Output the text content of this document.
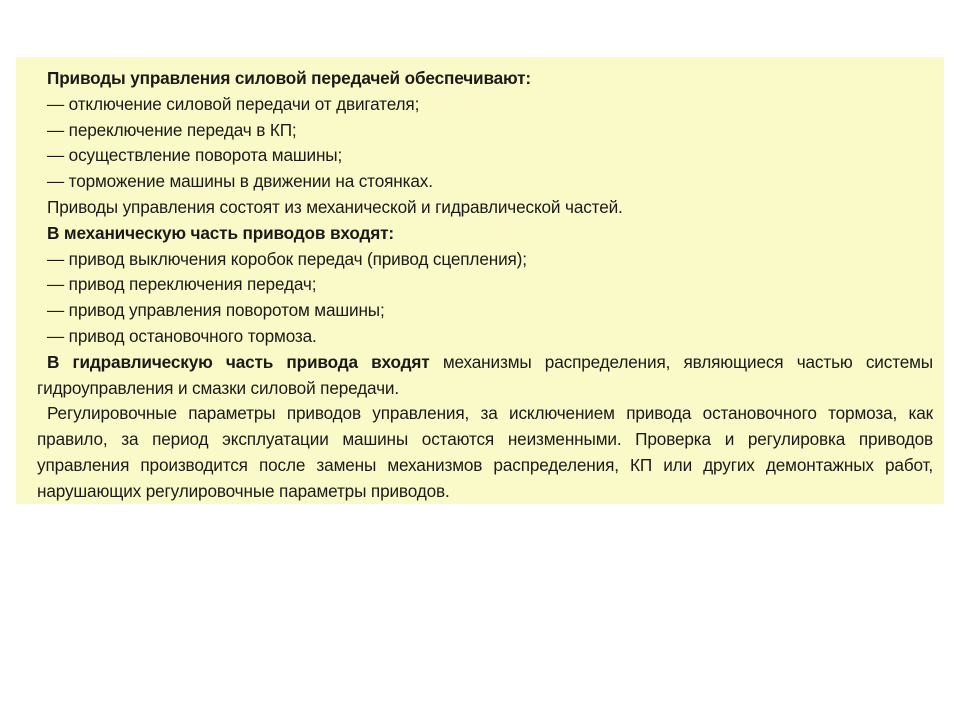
Приводы управления силовой передачей обеспечивают:
— отключение силовой передачи от двигателя;
— переключение передач в КП;
— осуществление поворота машины;
— торможение машины в движении на стоянках.
Приводы управления состоят из механической и гидравлической частей.
В механическую часть приводов входят:
— привод выключения коробок передач (привод сцепления);
— привод переключения передач;
— привод управления поворотом машины;
— привод остановочного тормоза.

В гидравлическую часть привода входят механизмы распределения, являющиеся частью системы гидроуправления и смазки силовой передачи.

Регулировочные параметры приводов управления, за исключением привода остановочного тормоза, как правило, за период эксплуатации машины остаются неизменными. Проверка и регулировка приводов управления производится после замены механизмов распределения, КП или других демонтажных работ, нарушающих регулировочные параметры приводов.
